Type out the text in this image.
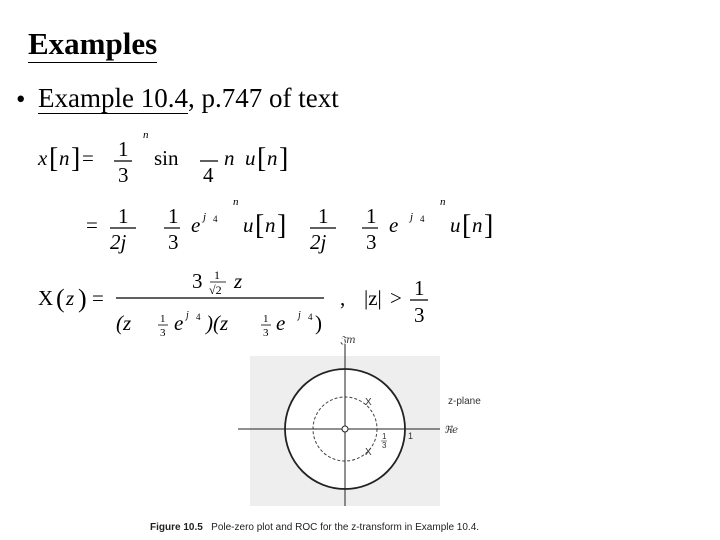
Examples
• Example 10.4, p.747 of text
x [ n ] = 1
3
n
sin
4
n u [ n ]
= 1
2j
1
3
e j 4
n
u [ n ] 1
2j
1
3
e j 4
n
u [ n ]
X ( z ) =
3 1
√2 z
(z	1
3 e j 4 )(z	1
3 e j 4 )
, |z| > 1
3
X
X
1
3
1
z-plane
𝔍m
ℜe
Figure 10.5 Pole-zero plot and ROC for the z-transform in Example 10.4.
